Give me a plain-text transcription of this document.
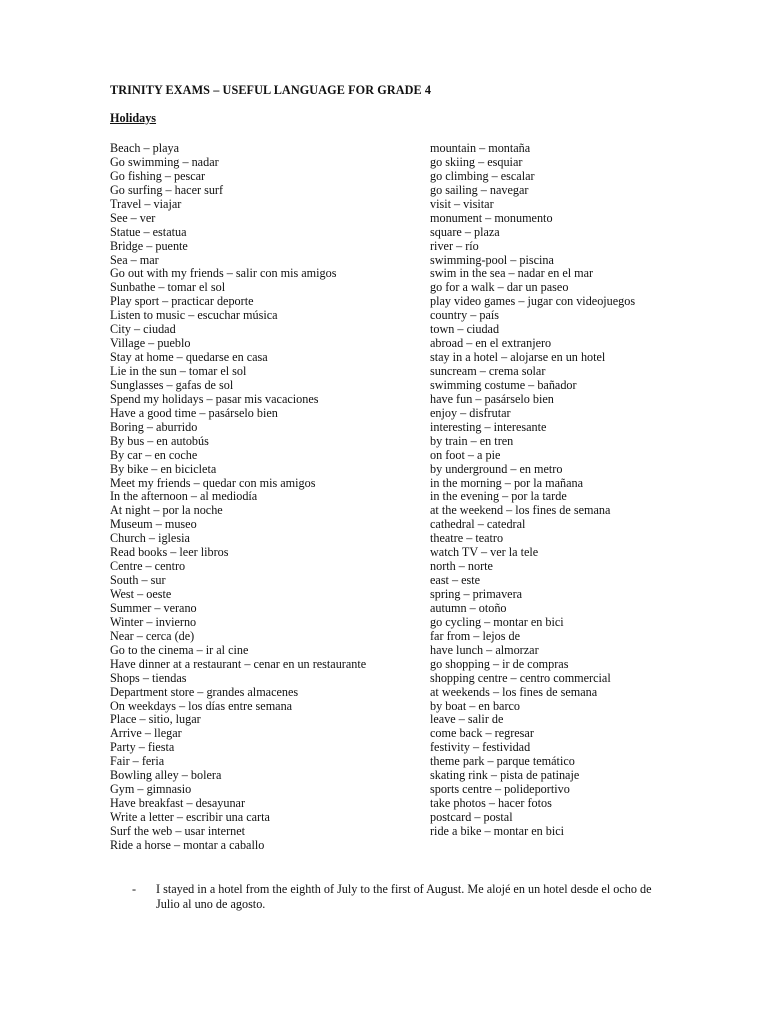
TRINITY EXAMS – USEFUL LANGUAGE FOR GRADE 4
Holidays
Beach – playa
Go swimming – nadar
Go fishing – pescar
Go surfing – hacer surf
Travel – viajar
See – ver
Statue – estatua
Bridge – puente
Sea – mar
Go out with my friends – salir con mis amigos
Sunbathe – tomar el sol
Play sport – practicar deporte
Listen to music – escuchar música
City – ciudad
Village – pueblo
Stay at home – quedarse en casa
Lie in the sun – tomar el sol
Sunglasses – gafas de sol
Spend my holidays – pasar mis vacaciones
Have a good time – pasárselo bien
Boring – aburrido
By bus – en autobús
By car – en coche
By bike – en bicicleta
Meet my friends – quedar con mis amigos
In the afternoon – al mediodía
At night – por la noche
Museum – museo
Church – iglesia
Read books – leer libros
Centre – centro
South – sur
West – oeste
Summer – verano
Winter – invierno
Near – cerca (de)
Go to the cinema – ir al cine
Have dinner at a restaurant – cenar en un restaurante
Shops – tiendas
Department store – grandes almacenes
On weekdays – los días entre semana
Place – sitio, lugar
Arrive – llegar
Party – fiesta
Fair – feria
Bowling alley – bolera
Gym – gimnasio
Have breakfast – desayunar
Write a letter – escribir una carta
Surf the web – usar internet
Ride a horse – montar a caballo
mountain – montaña
go skiing – esquiar
go climbing – escalar
go sailing – navegar
visit – visitar
monument – monumento
square – plaza
river – río
swimming-pool – piscina
swim in the sea – nadar en el mar
go for a walk – dar un paseo
play video games – jugar con videojuegos
country – país
town – ciudad
abroad – en el extranjero
stay in a hotel – alojarse en un hotel
suncream – crema solar
swimming costume – bañador
have fun – pasárselo bien
enjoy – disfrutar
interesting – interesante
by train – en tren
on foot – a pie
by underground – en metro
in the morning – por la mañana
in the evening – por la tarde
at the weekend – los fines de semana
cathedral – catedral
theatre – teatro
watch TV – ver la tele
north – norte
east – este
spring – primavera
autumn – otoño
go cycling – montar en bici
far from – lejos de
have lunch – almorzar
go shopping – ir de compras
shopping centre – centro commercial
at weekends – los fines de semana
by boat – en barco
leave – salir de
come back – regresar
festivity – festividad
theme park – parque temático
skating rink – pista de patinaje
sports centre – polideportivo
take photos – hacer fotos
postcard – postal
ride a bike – montar en bici
- I stayed in a hotel from the eighth of July to the first of August. Me alojé en un hotel desde el ocho de Julio al uno de agosto.
